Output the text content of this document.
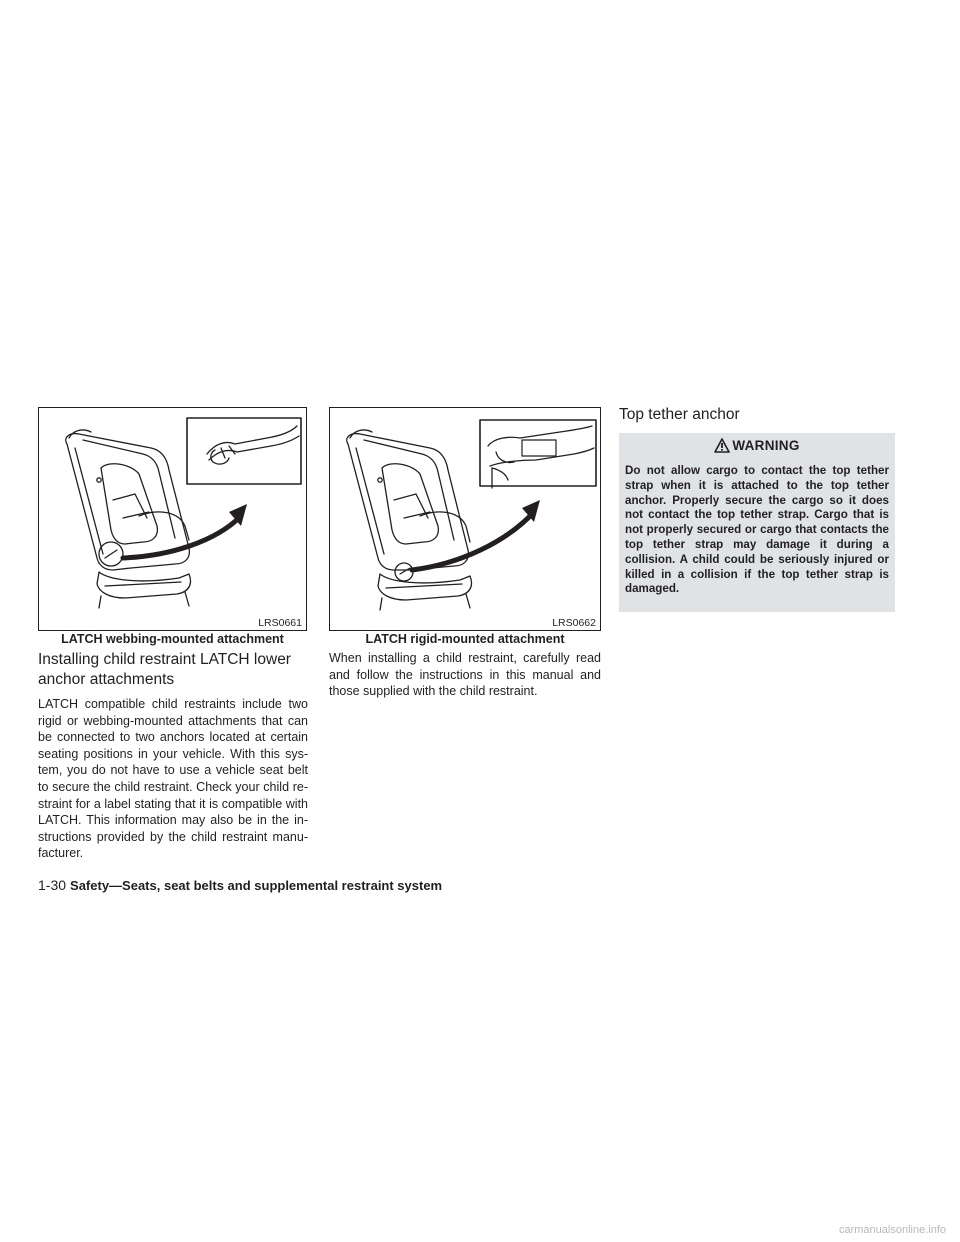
LRS0661
LATCH webbing-mounted attachment
LRS0662
LATCH rigid-mounted attachment
Installing child restraint LATCH lower anchor attachments

LATCH compatible child restraints include two rigid or webbing-mounted attachments that can be connected to two anchors located at certain seating positions in your vehicle. With this sys-tem, you do not have to use a vehicle seat belt to secure the child restraint. Check your child re-straint for a label stating that it is compatible with LATCH. This information may also be in the in-structions provided by the child restraint manu-facturer.

When installing a child restraint, carefully read and follow the instructions in this manual and those supplied with the child restraint.

Top tether anchor
WARNING

Do not allow cargo to contact the top tether strap when it is attached to the top tether anchor. Properly secure the cargo so it does not contact the top tether strap. Cargo that is not properly secured or cargo that contacts the top tether strap may damage it during a collision. A child could be seriously injured or killed in a collision if the top tether strap is damaged.

1-30 Safety—Seats, seat belts and supplemental restraint system
carmanualsonline.info
